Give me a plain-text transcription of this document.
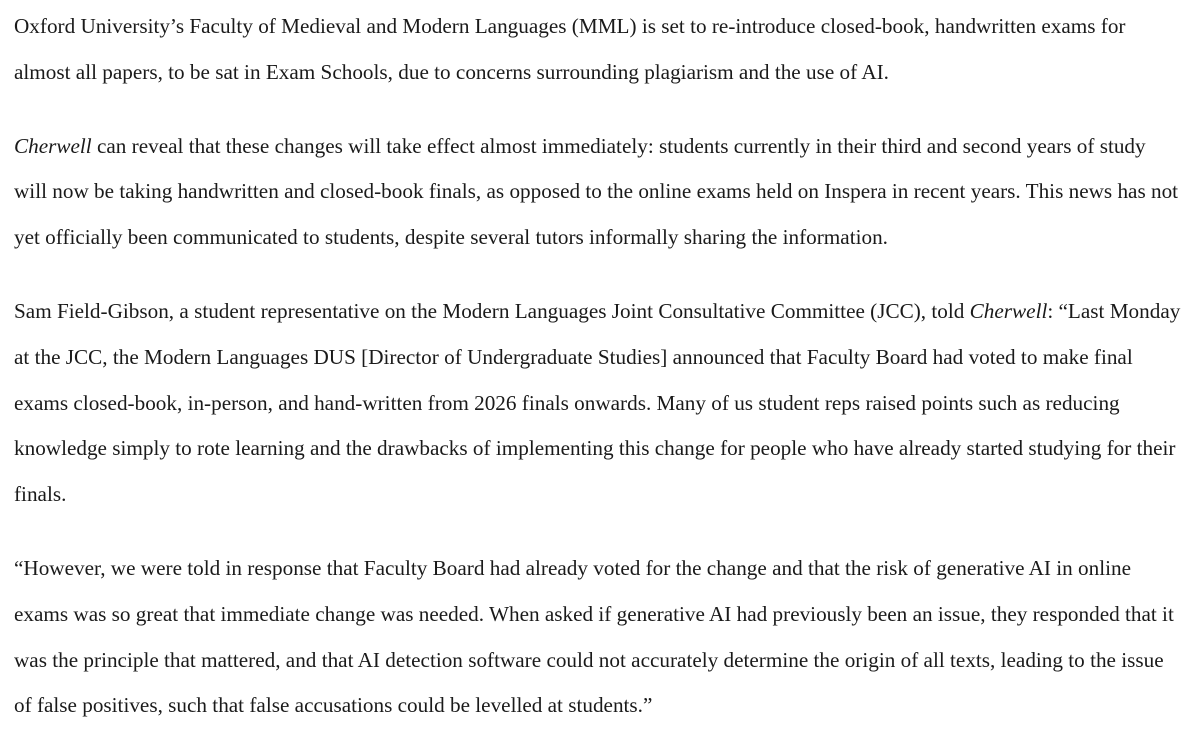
Oxford University’s Faculty of Medieval and Modern Languages (MML) is set to re-introduce closed-book, handwritten exams for almost all papers, to be sat in Exam Schools, due to concerns surrounding plagiarism and the use of AI.

Cherwell can reveal that these changes will take effect almost immediately: students currently in their third and second years of study will now be taking handwritten and closed-book finals, as opposed to the online exams held on Inspera in recent years. This news has not yet officially been communicated to students, despite several tutors informally sharing the information.

Sam Field-Gibson, a student representative on the Modern Languages Joint Consultative Committee (JCC), told Cherwell: “Last Monday at the JCC, the Modern Languages DUS [Director of Undergraduate Studies] announced that Faculty Board had voted to make final exams closed-book, in-person, and hand-written from 2026 finals onwards. Many of us student reps raised points such as reducing knowledge simply to rote learning and the drawbacks of implementing this change for people who have already started studying for their finals.

“However, we were told in response that Faculty Board had already voted for the change and that the risk of generative AI in online exams was so great that immediate change was needed. When asked if generative AI had previously been an issue, they responded that it was the principle that mattered, and that AI detection software could not accurately determine the origin of all texts, leading to the issue of false positives, such that false accusations could be levelled at students.”
